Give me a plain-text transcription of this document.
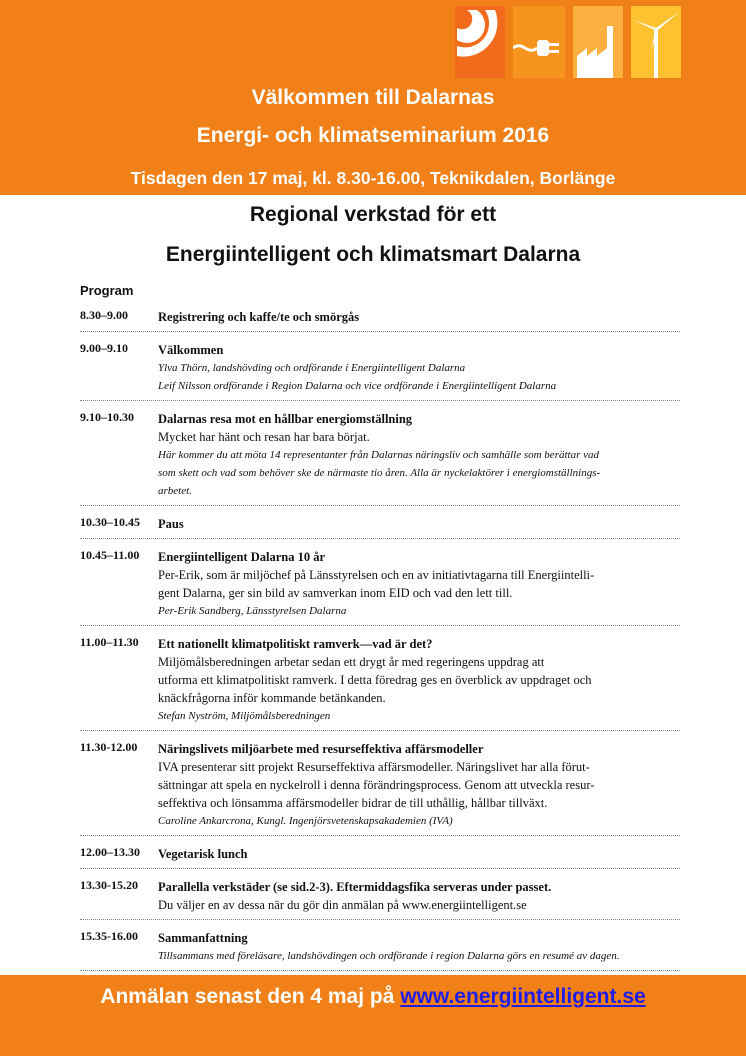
Välkommen till Dalarnas
Energi- och klimatseminarium 2016
Tisdagen den 17 maj, kl. 8.30-16.00, Teknikdalen, Borlänge
Regional verkstad för ett
Energiintelligent och klimatsmart Dalarna
Program
8.30–9.00 Registrering och kaffe/te och smörgås
9.00–9.10 Välkommen
Ylva Thörn, landshövding och ordförande i Energiintelligent Dalarna
Leif Nilsson ordförande i Region Dalarna och vice ordförande i Energiintelligent Dalarna
9.10–10.30 Dalarnas resa mot en hållbar energiomställning
Mycket har hänt och resan har bara börjat.
Här kommer du att möta 14 representanter från Dalarnas näringsliv och samhälle som berättar vad
som skett och vad som behöver ske de närmaste tio åren. Alla är nyckelaktörer i energiomställnings-
arbetet.
10.30–10.45 Paus
10.45–11.00 Energiintelligent Dalarna 10 år
Per-Erik, som är miljöchef på Länsstyrelsen och en av initiativtagarna till Energiintelli-
gent Dalarna, ger sin bild av samverkan inom EID och vad den lett till.
Per-Erik Sandberg, Länsstyrelsen Dalarna
11.00–11.30 Ett nationellt klimatpolitiskt ramverk—vad är det?
Miljömålsberedningen arbetar sedan ett drygt år med regeringens uppdrag att
utforma ett klimatpolitiskt ramverk. I detta föredrag ges en överblick av uppdraget och
knäckfrågorna inför kommande betänkanden.
Stefan Nyström, Miljömålsberedningen
11.30-12.00 Näringslivets miljöarbete med resurseffektiva affärsmodeller
IVA presenterar sitt projekt Resurseffektiva affärsmodeller. Näringslivet har alla förut-
sättningar att spela en nyckelroll i denna förändringsprocess. Genom att utveckla resur-
seffektiva och lönsamma affärsmodeller bidrar de till uthållig, hållbar tillväxt.
Caroline Ankarcrona, Kungl. Ingenjörsvetenskapsakademien (IVA)
12.00–13.30 Vegetarisk lunch
13.30-15.20 Parallella verkstäder (se sid.2-3). Eftermiddagsfika serveras under passet.
Du väljer en av dessa när du gör din anmälan på www.energiintelligent.se
15.35-16.00 Sammanfattning
Tillsammans med föreläsare, landshövdingen och ordförande i region Dalarna görs en resumé av dagen.
Anmälan senast den 4 maj på www.energiintelligent.se
